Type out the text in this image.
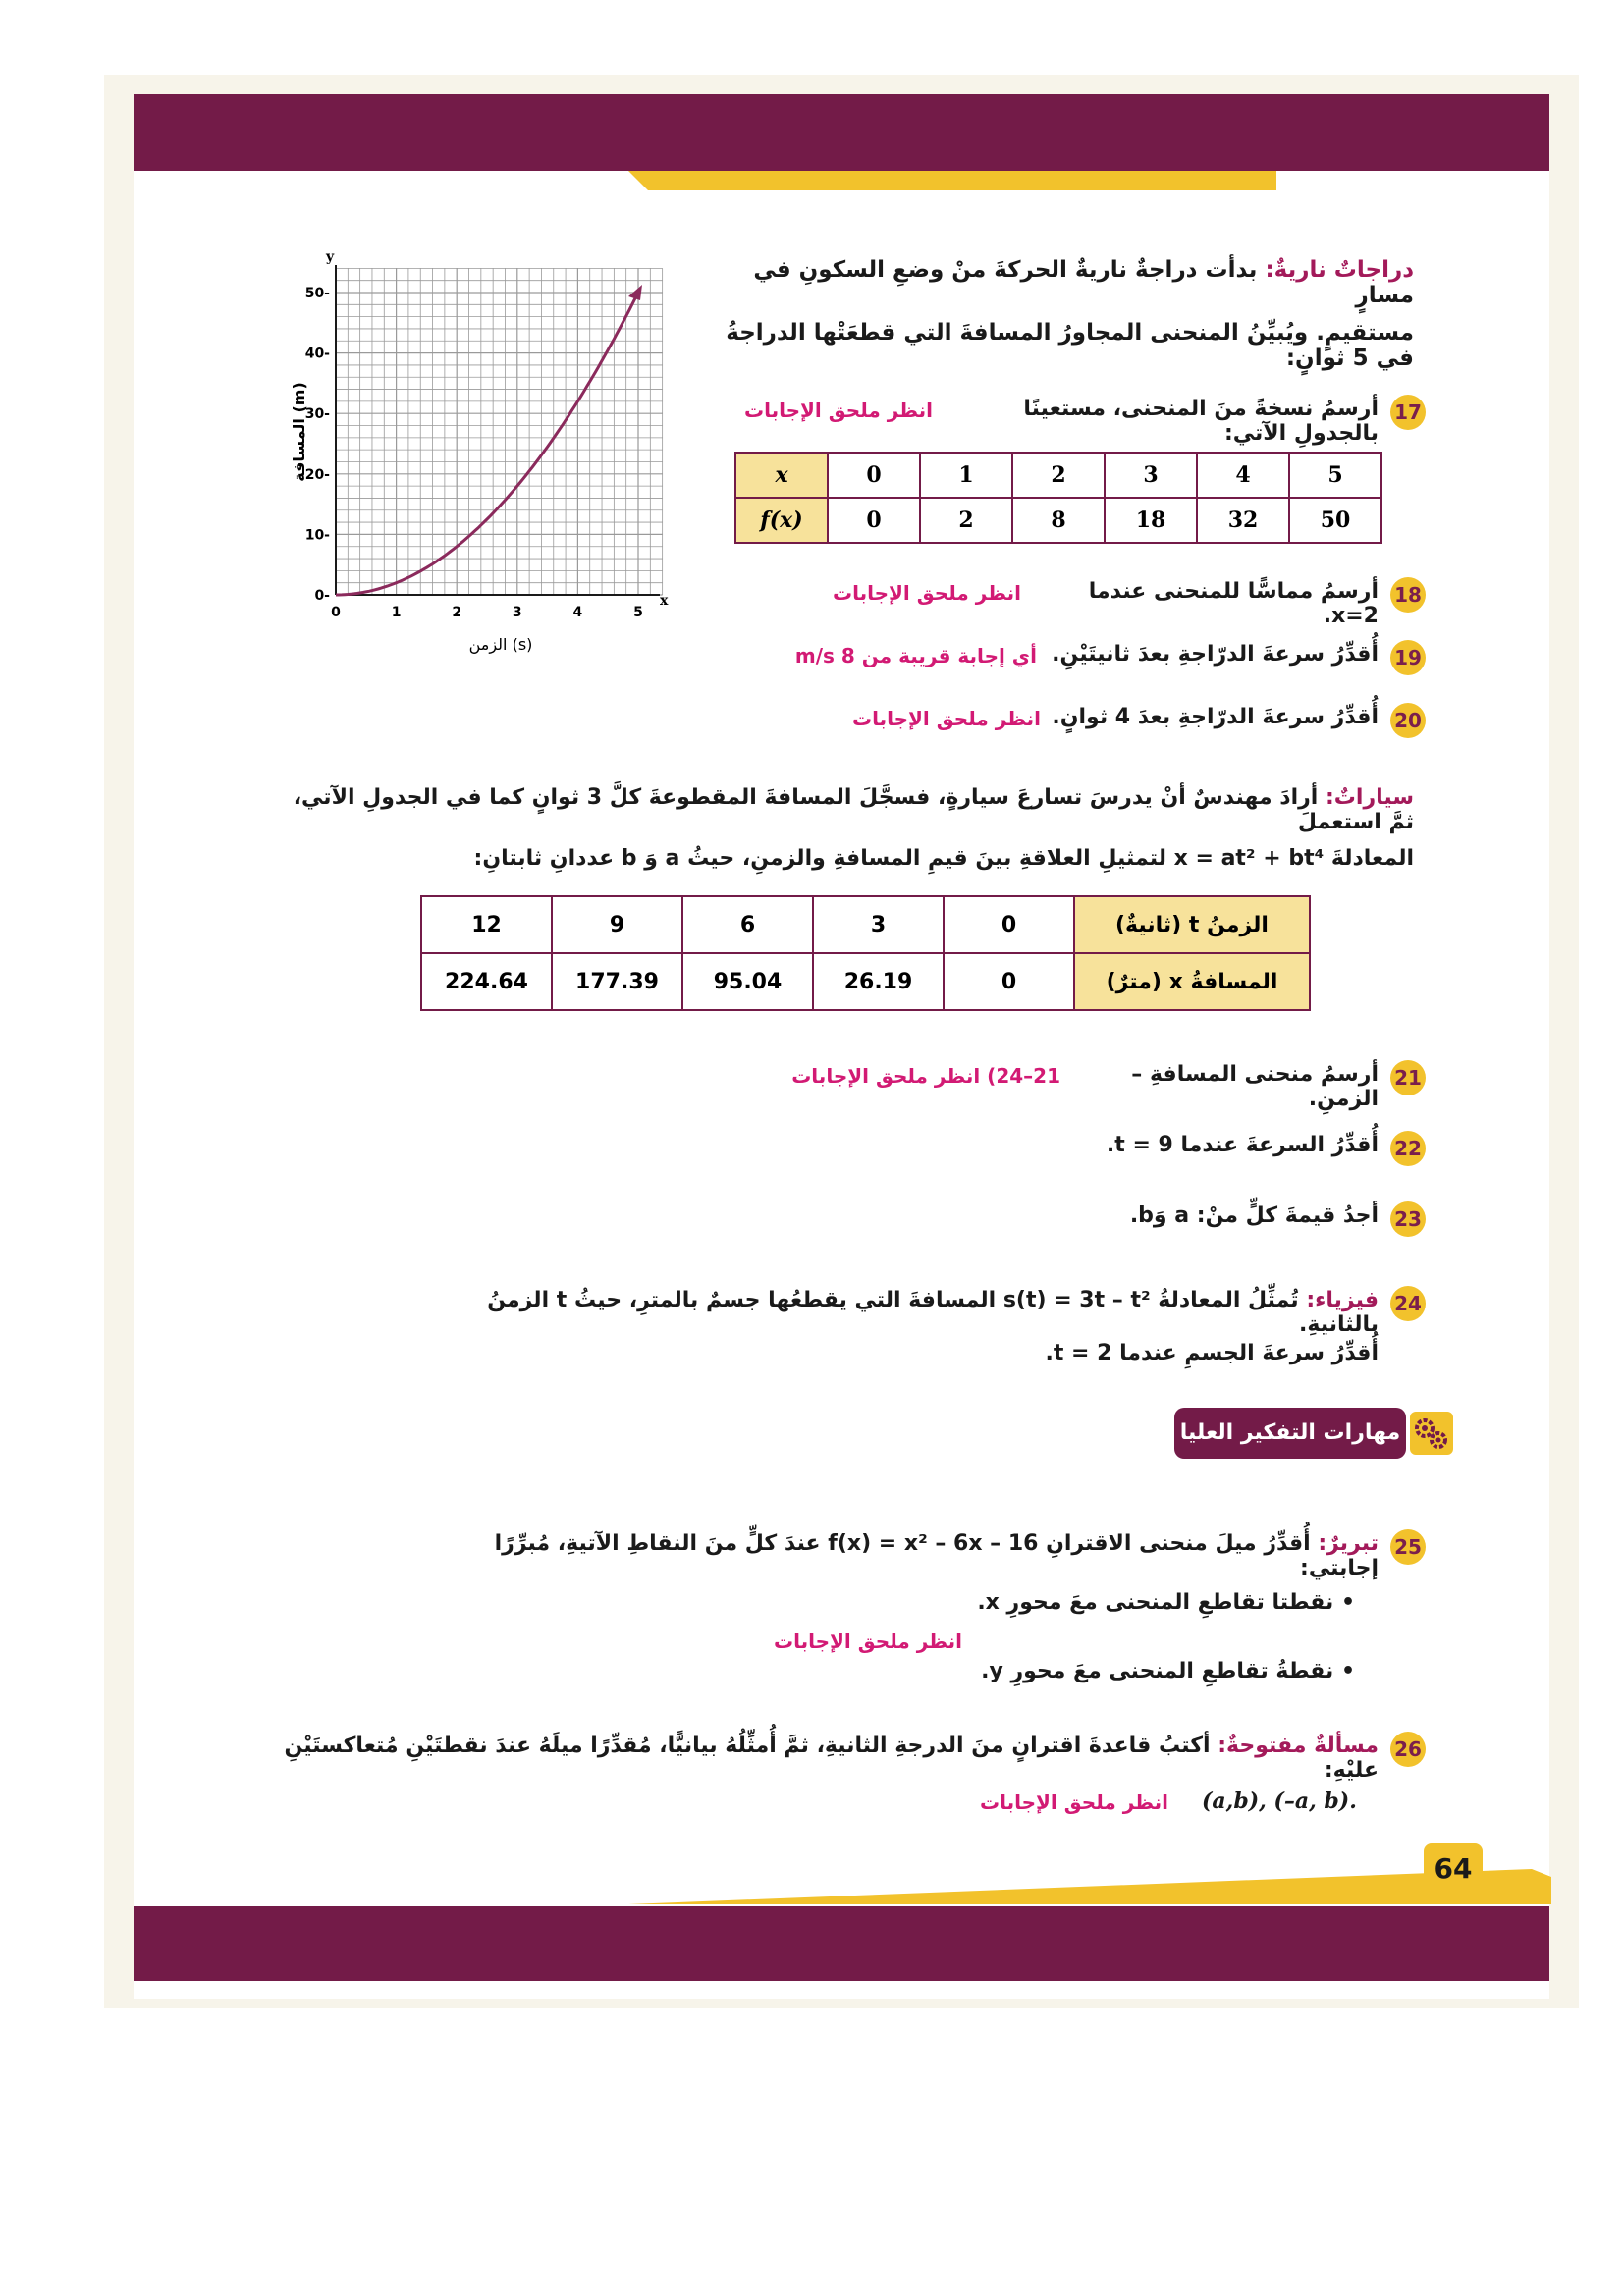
y
x
0-
10-
20-
30-
40-
50-
0	1	2	3	4	5
المسافة (m)
الزمن (s)
دراجاتٌ ناريةٌ: بدأت دراجةٌ ناريةٌ الحركةَ منْ وضعِ السكونِ في مسارٍ
مستقيمٍ. ويُبيِّنُ المنحنى المجاورُ المسافةَ التي قطعَتْها الدراجةُ في 5 ثوانٍ:
17
أرسمُ نسخةً منَ المنحنى، مستعينًا بالجدولِ الآتي:
انظر ملحق الإجابات
x	0	1	2	3	4	5
f(x)	0	2	8	18	32	50
18
أرسمُ مماسًّا للمنحنى عندما x=2.
انظر ملحق الإجابات
19
أُقدِّرُ سرعةَ الدرّاجةِ بعدَ ثانيتَيْنِ.
أي إجابة قريبة من 8 m/s
20
أُقدِّرُ سرعةَ الدرّاجةِ بعدَ 4 ثوانٍ.
انظر ملحق الإجابات
سياراتٌ: أرادَ مهندسٌ أنْ يدرسَ تسارعَ سيارةٍ، فسجَّلَ المسافةَ المقطوعةَ كلَّ 3 ثوانٍ كما في الجدولِ الآتي، ثمَّ استعملَ
المعادلةَ x = at² + bt⁴ لتمثيلِ العلاقةِ بينَ قيمِ المسافةِ والزمنِ، حيثُ a وَ b عددانِ ثابتانِ:
الزمنُ t (ثانيةٌ)	0	3	6	9	12
المسافةُ x (مترٌ)	0	26.19	95.04	177.39	224.64
21
أرسمُ منحنى المسافةِ – الزمنِ.
21–24) انظر ملحق الإجابات
22
أُقدِّرُ السرعةَ عندما t = 9.
23
أجدُ قيمةَ كلٍّ منْ: a وَb.
24
فيزياء: تُمثِّلُ المعادلةُ s(t) = 3t – t² المسافةَ التي يقطعُها جسمٌ بالمترِ، حيثُ t الزمنُ بالثانيةِ.
أُقدِّرُ سرعةَ الجسمِ عندما t = 2.
مهارات التفكير العليا
25
تبريرٌ: أُقدِّرُ ميلَ منحنى الاقترانِ f(x) = x² – 6x – 16 عندَ كلٍّ منَ النقاطِ الآتيةِ، مُبرِّرًا إجابتي:
• نقطتا تقاطعِ المنحنى معَ محورِ x.
• نقطةُ تقاطعِ المنحنى معَ محورِ y.
انظر ملحق الإجابات
26
مسألةٌ مفتوحةٌ: أكتبُ قاعدةَ اقترانٍ منَ الدرجةِ الثانيةِ، ثمَّ أُمثِّلُهُ بيانيًّا، مُقدِّرًا ميلَهُ عندَ نقطتَيْنِ مُتعاكستَيْنِ عليْهِ:
(a,b), (–a, b).
انظر ملحق الإجابات
64
